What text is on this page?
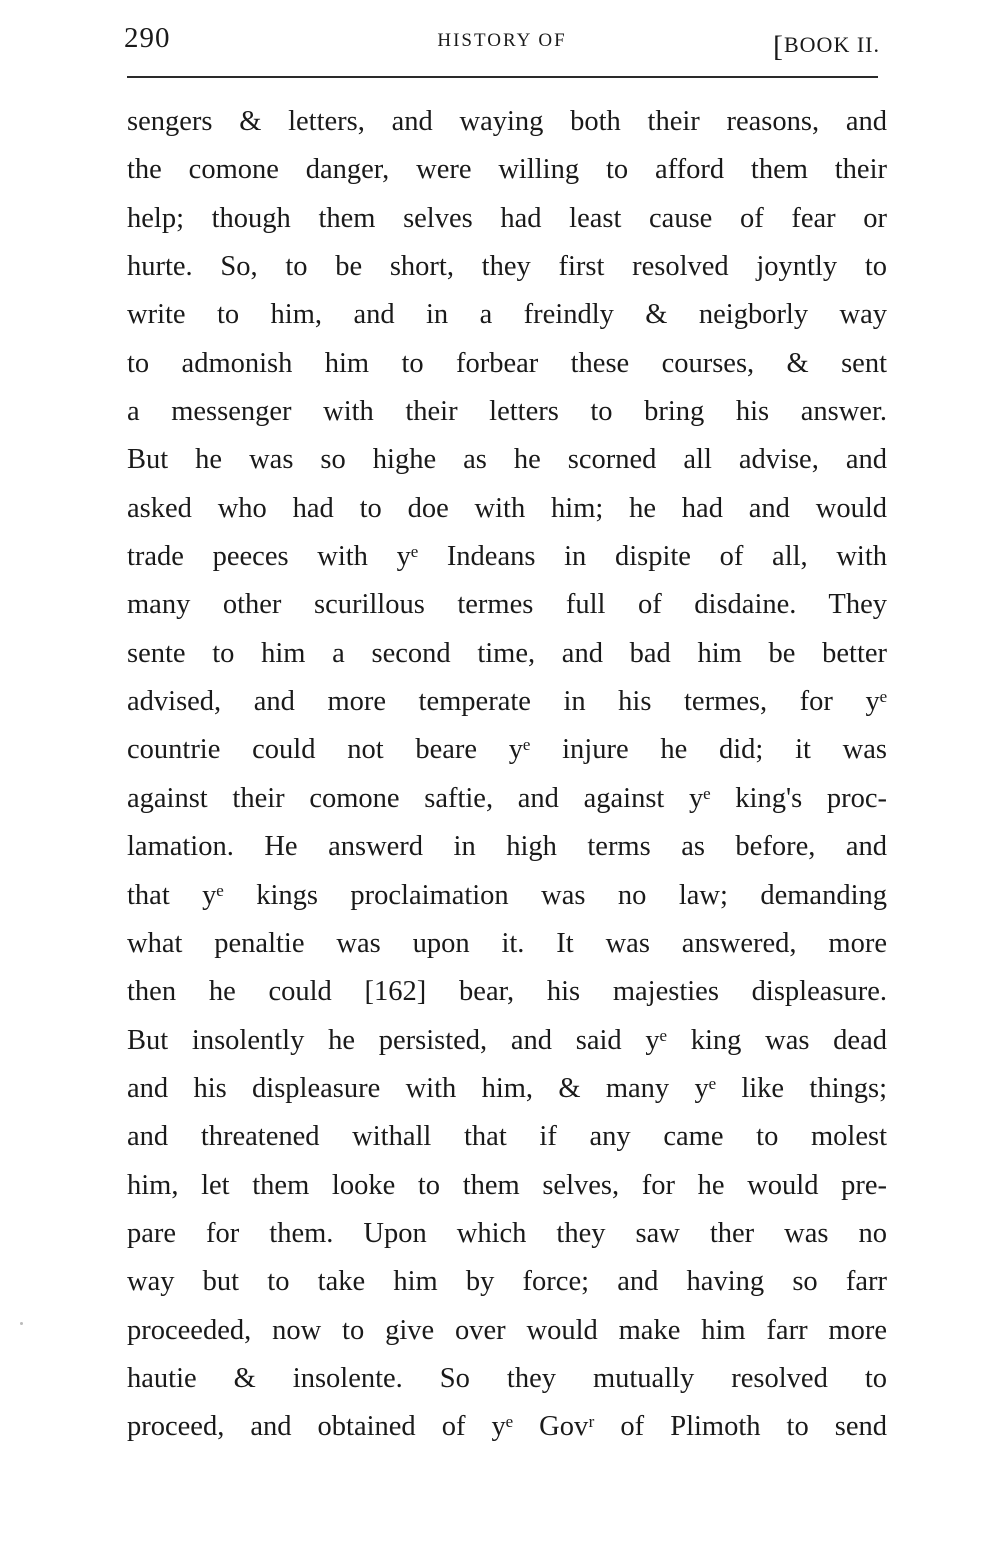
290	HISTORY OF	[BOOK II.
sengers & letters, and waying both their reasons, and
the comone danger, were willing to afford them their
help; though them selves had least cause of fear or
hurte. So, to be short, they first resolved joyntly to
write to him, and in a freindly & neigborly way
to admonish him to forbear these courses, & sent
a messenger with their letters to bring his answer.
But he was so highe as he scorned all advise, and
asked who had to doe with him; he had and would
trade peeces with yᵉ Indeans in dispite of all, with
many other scurillous termes full of disdaine. They
sente to him a second time, and bad him be better
advised, and more temperate in his termes, for yᵉ
countrie could not beare yᵉ injure he did; it was
against their comone saftie, and against yᵉ king's proc-
lamation. He answerd in high terms as before, and
that yᵉ kings proclaimation was no law; demanding
what penaltie was upon it. It was answered, more
then he could [162] bear, his majesties displeasure.
But insolently he persisted, and said yᵉ king was dead
and his displeasure with him, & many yᵉ like things;
and threatened withall that if any came to molest
him, let them looke to them selves, for he would pre-
pare for them. Upon which they saw ther was no
way but to take him by force; and having so farr
proceeded, now to give over would make him farr more
hautie & insolente. So they mutually resolved to
proceed, and obtained of yᵉ Govʳ of Plimoth to send
